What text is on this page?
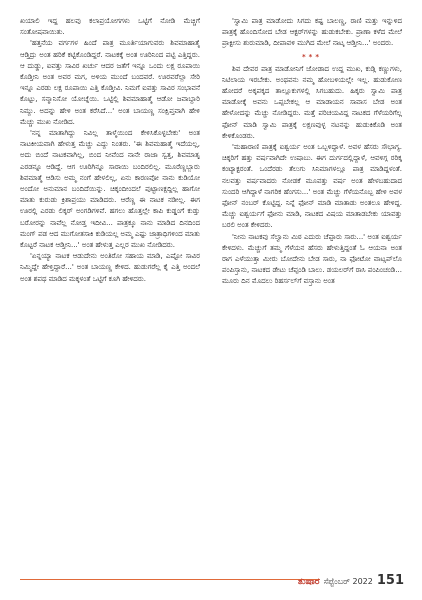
ಖಯಾಲಿ ಇದ್ದ ಹಲವು ಕಲಾಪ್ರಯೋಗಗಳು ಒಟ್ಟಿಗೆ ನೋಡಿ ಮೆಚ್ಚಿಗೆ ಸಂತೋಷವಾಯಿತು.

'ಹತ್ತನೆಯ ವರ್ಗಗಳ ಹಿಂದೆ ಪಾತ್ರ ಮೂರ್ತಿಯಾಗುವರು ಶಿವಮಾಹಾತ್ಮೆ ಆಡ್ತಿದ್ರು ಅಂತ ಹರಿಕೆ ಕಟ್ಟಿಕೊಂಡಿದ್ದರೆ. ನಾಟಕಕ್ಕೆ ಅಂತ ಊರಿನಿಂದ ಪಟ್ಟಿ ಎತ್ತಿದ್ದರು. ಆ ದುಡ್ಡು, ಐವತ್ತು ಸಾವಿರ ಖರ್ಚು ಆದರ ಜತೆಗೆ ಇನ್ನೂ ಒಂದು ಲಕ್ಷ ರೂಪಾಯಿ ಕೊಡ್ತೀನಿ ಅಂತ ಅವರ ಮಗ, ಅಳಿಯ ಮುಂದೆ ಬಂದವರೆ. ಊರವರೆಲ್ಲಾ ಸೇರಿ ಇನ್ನೂ ಎರಡು ಲಕ್ಷ ರೂಪಾಯಿ ಎತ್ತಿ ಕೊಡ್ತೀವಿ. ನಿಮಗೆ ಐವತ್ತು ಸಾವಿರ ಸಂಭಾವನೆ ಕೊಟ್ಟು, ಸನ್ಮಾನಿಸೋ ಯೋಚ್ನೆಯಿ. ಒಟ್ಟಿಲ್ಲಿ ಶಿವಮಾಹಾತ್ಮೆ ಆಡೋ ಜವಾಬ್ದಾರಿ ನಿಮ್ದು. ಅದನ್ನು ಹೇಳಿ ಅಂತ ಕರೆಸಿದೆ...' ಅಂತ ಬಾಯಣ್ಣ ಸಂಕ್ಷಿಪ್ತವಾಗಿ ಹೇಳಿ ಮೆಚ್ಚು ಮುಖ ನೋಡಿದ.

'ನನ್ನ ಮಾತಾಗಿದ್ದು ನಿವಿಲ್ಲ ತಾಳ್ಮೆಯಿಂದ ಕೇಳಿಸಿಕೊಳ್ಳಬೇಕು' ಅಂತ ನಾಟಕೀಯವಾಗಿ ಹೇಳುತ್ತ ಮೆಚ್ಚು ಎದ್ದು ನಿಂತರು. 'ಈ ಶಿವಮಹಾತ್ಮೆ ಇದೆಯಲ್ಲ, ಅದು ಬಿಂದೆ ನಾಟಕವಾಗಿಲ್ಲ, ಬಿಂದ ನೀವೆಂದ ನಾನೇ ರಾಜಾ ಸ್ವತ್ತ, ಶಿವಮಾತೃ ಎರಡನ್ನೂ ಆಡಿದ್ದೆ. ಆಗ ಊರಿಗಿನ್ನೂ ಸಾರಾಯಿ ಬಂದಿರಲಿಲ್ಲ. ಮೂರೆಣ್ಣಬ್ಬಾರು ಶಿವಮಾತ್ಮೆ ಆಡಿಸು ಅಮ್ಮ ನಂಗೆ ಹೇಳಲಿಲ್ಲ, ಏನು ಕಾರಣವೋ ನಾನು ಕುಡಿಯೋ ಅಂದೋ ಅನುಮಾನ ಬಂದಿದೆಯಿನ್ನು. ಚಿಕ್ಕಂದೀಂದಲೆ ಪುಟ್ಟಾಣಕ್ಷದ್ದಿಲ್ಲ ಹಾಗೋ ಮಾತು ಕುರುಡು ಕ್ರಿಶಾಪ್ರಯು ಮಾಡಿದರು. ಆರೆಣ್ಣ ಈ ನಾಟಕ ನಡೀಲ್ಲ. ಈಗ ಊರಲ್ಲಿ ಎರಡು ಲಿಕ್ಕರ್ ಅಂಗಡಿಗಳಿವೆ. ಹಗಲು ಹೊತ್ತಲ್ಲೇ ಕಾಪಿ ಕುಡ್ಡಂಗೆ ಕುಡ್ತು ಬರೋರನ್ನು ನಾವೆಲ್ಲ ನೋಡ್ತ ಇದೀವಿ... ಪಾತ್ರಕ್ಕೂ ನಾನು ಮಾಡಿದ ದಿನದಿಂದ ಮಂಗ್ ಪಡ ಆದ ಮುಗೋತಸಾಕಿ ಕುಡಿಯಲ್ಲ ಅಮ್ಮ ಎಷ್ಟು ಜಾತ್ರಾಧಿಗಳಿಂದ ಮಾತು ಕೊಟ್ಟರೆ ನಾಟಕ ಆಡ್ತೀನಿ...' ಅಂತ ಹೇಳುತ್ತ ಎಲ್ಲರ ಮುಖ ನೋಡಿದರು.

'ಏನ್ನಯ್ಯಾ ನಾಟಕ ಆಡುದೇನು ಅಂತಿರೋ ಸಹಾಯ ಮಾಡಿ, ಎಷ್ಟೋ ಸಾವಿರ ನಿಮ್ಮಿದ್ದೇ ಹೇಳ್ತಿದ್ದಾರೆ...' ಅಂತ ಬಾಯಣ್ಣ ಕೇಳಿದ. ಹುಡುಗರೆಲ್ಲ ಕೈ ಎತ್ತಿ ಅಂದಲೆ ಅಂತ ಶಪಥ ಮಾಡಿದ ಮಕ್ಕಳಂತೆ ಒಟ್ಟಿಗೆ ಕೂಗಿ ಹೇಳಿದರು.

'ಸ್ವಾಮಿ ಪಾತ್ರ ಮಾಡೋದು ಸಿಗದು ಕಷ್ಟ ಬಾಲಣ್ಣ, ರಾಣಿ ಮತ್ತು ಇನ್ನುಳಿದ ಪಾತ್ರಕ್ಕೆ ಹೊಂದಿಸೋದ ಬೇಡ ಆಕ್ಟರ್‌ಗಳನ್ನು ಹುಡುಕಬೇಕು. ಪ್ರಾಣಾ ಕಳೆದ ಮೇಲೆ ಪ್ರಾಕ್ಟೀಸು ಶುರುಮಾಡಿ, ದೀಪಾವಳಿ ಮುಗಿದ ಮೇಲೆ ನಾಟ್ಕ ಆಡ್ತೀನಿ...' ಅಂದರು.

***

ಶಿವ ದೇವರ ಪಾತ್ರ ಮಾಡೋನಿಗೆ ಜೋಡಾದ ಉದ್ದ ಮುಖ, ಕುಡ್ಗಿ ಕಣ್ಣುಗಳು, ನಿಟಿಲಾಯ ಇರಬೇಕು. ಅಂಥವನು ನಮ್ಮ ಹೋಬಳಿಯಲ್ಲೇ ಇಲ್ಲ. ಹುಡುಕೋಣ ಹೋದರೆ ಅಕ್ಕಪಕ್ಕದ ತಾಲ್ಲೂಕುಗಳಲ್ಲಿ ಸಿಗಬಹುದು. ಹಿಕ್ಕರು ಸ್ವಾಮಿ ಪಾತ್ರ ಮಾಡೋಕ್ಕೆ ಅವನು ಒಪ್ಪಬೇಕಲ್ಲ ಆ ಮಾಡಾಯನ ಸಾವಾಸ ಬೇಡ ಅಂತ ಹೇಳೋದನ್ನು ಮೆಚ್ಚು ನೋಡಿದ್ದರು. ಮತ್ತೆ ಪರಿಚಯವಿದ್ದ ನಾಟಕದ ಗೆಳೆಯರಿಗೆಲ್ಲ ಫೋನ್ ಮಾಡಿ ಸ್ವಾಮಿ ಪಾತ್ರಕ್ಕೆ ಲಕ್ಷಣವುಳ್ಳ ನಟನನ್ನು ಹುಡುಕಿಕೊಡಿ ಅಂತ ಕೇಳಿಕೊಂಡರು.

'ಮಹಾರಾಣಿ ಪಾತ್ರಕ್ಕೆ ಐಶ್ವರ್ಯ ಅಂತ ಒಬ್ಬಳಿದ್ದಾಳೆ. ಅವಳ ಹೆಸರು ಸೌಭಾಗ್ಯ. ಚಿಕ್ಕರಿಗೆ ಹತ್ತು ವರ್ಷವಾಗಿದೇ ಉಷಾಬು. ಈಗ ದುರ್ಗದಲ್ಲಿದ್ದಾಳೆ, ಆವಳಿಗ್ಗ ರರಿಕ್ಕ ಕಂಟ್ಯಾಕ್ಟರಂತೆ. ಒಂದೆರಡು ತೆಲುಗು ಸಿನಿಮಾಗಳಲ್ಲೂ ಪಾತ್ರ ಮಾಡಿದ್ದಳಂತೆ. ನಲವತ್ತು ವರ್ಷವಾದರು ನೋಡಕೆ ಮೂವತ್ತು ವರ್ಷ ಅಂತ ಹೇಳಬಹುದಾದ ಸುಂದರಿ ಆಗಿದ್ದಾಳೆ ನಾಗರಿಕ ಹೆಂಗಸು...' ಅಂತ ಮೆಚ್ಚು ಗೆಳೆಯನೊಬ್ಬ ಹೇಳಿ ಅವಳ ಫೋನ್ ನಂಬರ್ ಕೊಟ್ಟಿದ್ದ. ನಿನ್ನೆ ಫೋನ್ ಮಾಡಿ ಮಾತಾಡು ಅಂತಲೂ ಹೇಳಿದ್ದ. ಮೆಚ್ಚು ಐಶ್ವರ್ಯಗೆ ಫೋನು ಮಾಡಿ, ನಾಟಕದ ವಿಷಯ ಮಾತಾಡಬೇಕು ಯಾವತ್ತು ಬರಲಿ ಅಂತ ಕೇಳಿದರು.

'ನೀನು ನಾಟಕವು ಸೆಲ್ವಾನು ಮಿಠ ಎದುರು ಚೆಪ್ಪಾರು ಸಾರು...' ಅಂತ ಐಶ್ವರ್ಯ ಕೇಳಿದಳು. ಮೆಚ್ಚುಗೆ ತಮ್ಮ ಗೆಳೆಯನ ಹೆಸರು ಹೇಳುತ್ತಿದ್ದಂತೆ ಓ ಆಯನಾ ಅಂತ ರಾಗ ಎಳೆಯುತ್ತಾ ಮೀರು ಬೋದೇನು ಬೇಡ ಸಾರು, ನಾ ಫೋಟೋ ವಾಟ್ಸಪ್‌ಲೊ ಪಂಪಿಸ್ತಾನು, ನಾಟಕದ ಡೇಟು ಚೆಪ್ಪಂಡಿ ಬಾಲು. ಡಯಲರ್‌ಗೆ ರಾಸಿ ಪಂಪಿಂಚಂಡಿ... ಮೂರು ದಿನ ಮೊದಲು ರಿಹರ್ಸಲ್‌ಗೆ ವಸ್ತಾನು ಅಂತ

ತುಷಾರ ಸೆಪ್ಟೆಂಬರ್ 2022 151
